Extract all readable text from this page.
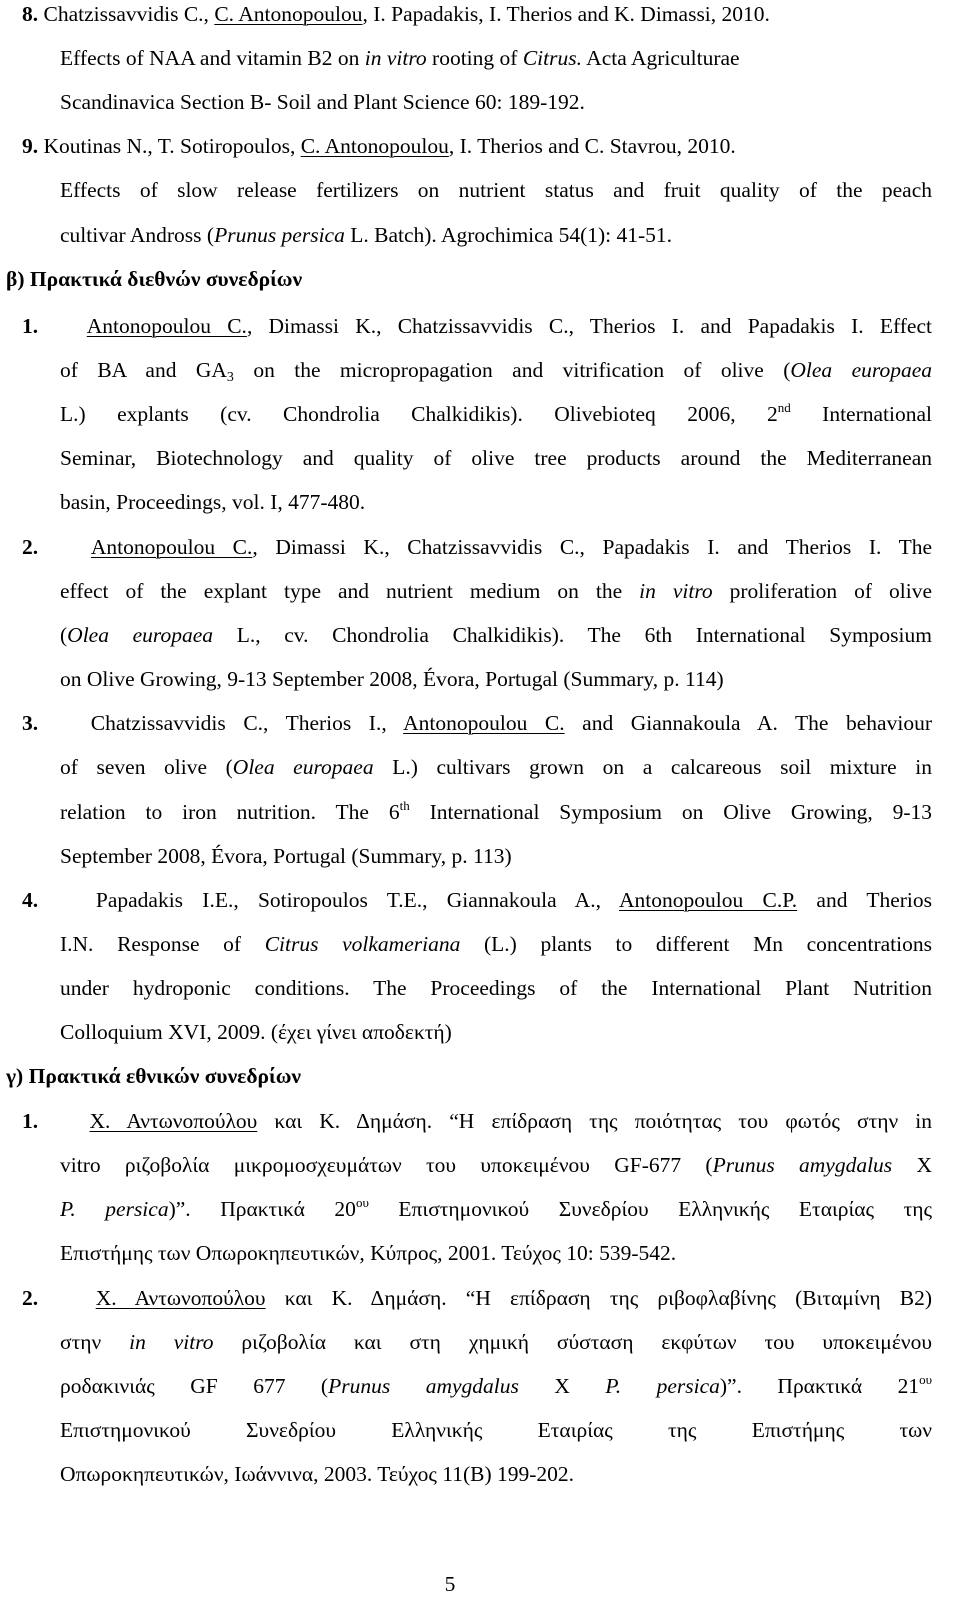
8. Chatzissavvidis C., C. Antonopoulou, I. Papadakis, I. Therios and K. Dimassi, 2010.
Effects of NAA and vitamin B2 on in vitro rooting of Citrus. Acta Agriculturae
Scandinavica Section B- Soil and Plant Science 60: 189-192.
9. Koutinas N., T. Sotiropoulos, C. Antonopoulou, I. Therios and C. Stavrou, 2010.
Effects of slow release fertilizers on nutrient status and fruit quality of the peach
cultivar Andross (Prunus persica L. Batch). Agrochimica 54(1): 41-51.
β) Πρακτικά διεθνών συνεδρίων
1. Antonopoulou C., Dimassi K., Chatzissavvidis C., Therios I. and Papadakis I. Effect
of BA and $GA_3$ on the micropropagation and vitrification of olive (Olea europaea
L.) explants (cv. Chondrolia Chalkidikis). Olivebioteq 2006, 2nd International
Seminar, Biotechnology and quality of olive tree products around the Mediterranean
basin, Proceedings, vol. I, 477-480.
2. Antonopoulou C., Dimassi K., Chatzissavvidis C., Papadakis I. and Therios I. The
effect of the explant type and nutrient medium on the in vitro proliferation of olive
(Olea europaea L., cv. Chondrolia Chalkidikis). The 6th International Symposium
on Olive Growing, 9-13 September 2008, Évora, Portugal (Summary, p. 114)
3. Chatzissavvidis C., Therios I., Antonopoulou C. and Giannakoula A. The behaviour
of seven olive (Olea europaea L.) cultivars grown on a calcareous soil mixture in
relation to iron nutrition. The 6th International Symposium on Olive Growing, 9-13
September 2008, Évora, Portugal (Summary, p. 113)
4.	Papadakis I.E., Sotiropoulos T.E., Giannakoula A., Antonopoulou C.P. and Therios
I.N. Response of Citrus volkameriana (L.) plants to different Mn concentrations
under hydroponic conditions. The Proceedings of the International Plant Nutrition
Colloquium XVI, 2009. (έχει γίνει αποδεκτή)
γ) Πρακτικά εθνικών συνεδρίων
1. Χ. Αντωνοπούλου και Κ. Δημάση. “Η επίδραση της ποιότητας του φωτός στην in
vitro ριζοβολία μικρομοσχευμάτων του υποκειμένου GF-677 (Prunus amygdalus X
P. persica)”. Πρακτικά $20^{o\upsilon}$ Επιστημονικού Συνεδρίου Ελληνικής Εταιρίας της
Επιστήμης των Οπωροκηπευτικών, Κύπρος, 2001. Τεύχος 10: 539-542.
2.	Χ. Αντωνοπούλου και Κ. Δημάση. “Η επίδραση της ριβοφλαβίνης (Βιταμίνη Β2)
στην in vitro ριζοβολία και στη χημική σύσταση εκφύτων του υποκειμένου
ροδακινιάς GF 677 (Prunus amygdalus X P. persica)”. Πρακτικά $21^{o\upsilon}$
Επιστημονικού Συνεδρίου Ελληνικής Εταιρίας της Επιστήμης των
Οπωροκηπευτικών, Ιωάννινα, 2003. Τεύχος 11(Β) 199-202.
5
